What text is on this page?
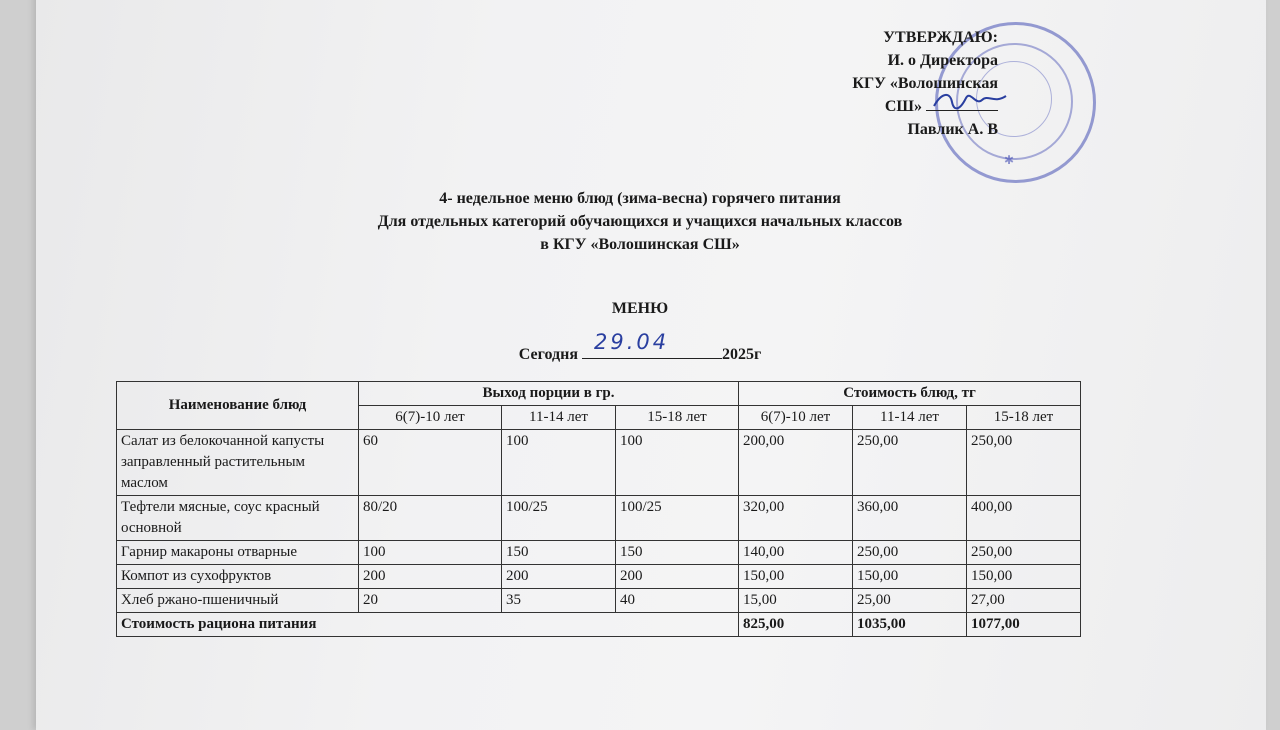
✱
УТВЕРЖДАЮ:
И. о Директора
КГУ «Волошинская
СШ»
Павлик А. В
4- недельное меню блюд (зима-весна) горячего питания
Для отдельных категорий обучающихся и учащихся начальных классов
в КГУ «Волошинская СШ»
МЕНЮ
Сегодня
29.04
2025г
Наименование блюд	Выход порции в гр.			Стоимость блюд, тг		
	6(7)-10 лет	11-14 лет	15-18 лет	6(7)-10 лет	11-14 лет	15-18 лет
Салат из белокочанной капусты заправленный растительным маслом	60	100	100	200,00	250,00	250,00
Тефтели мясные, соус красный основной	80/20	100/25	100/25	320,00	360,00	400,00
Гарнир макароны отварные	100	150	150	140,00	250,00	250,00
Компот из сухофруктов	200	200	200	150,00	150,00	150,00
Хлеб ржано-пшеничный	20	35	40	15,00	25,00	27,00
Стоимость рациона питания				825,00	1035,00	1077,00
